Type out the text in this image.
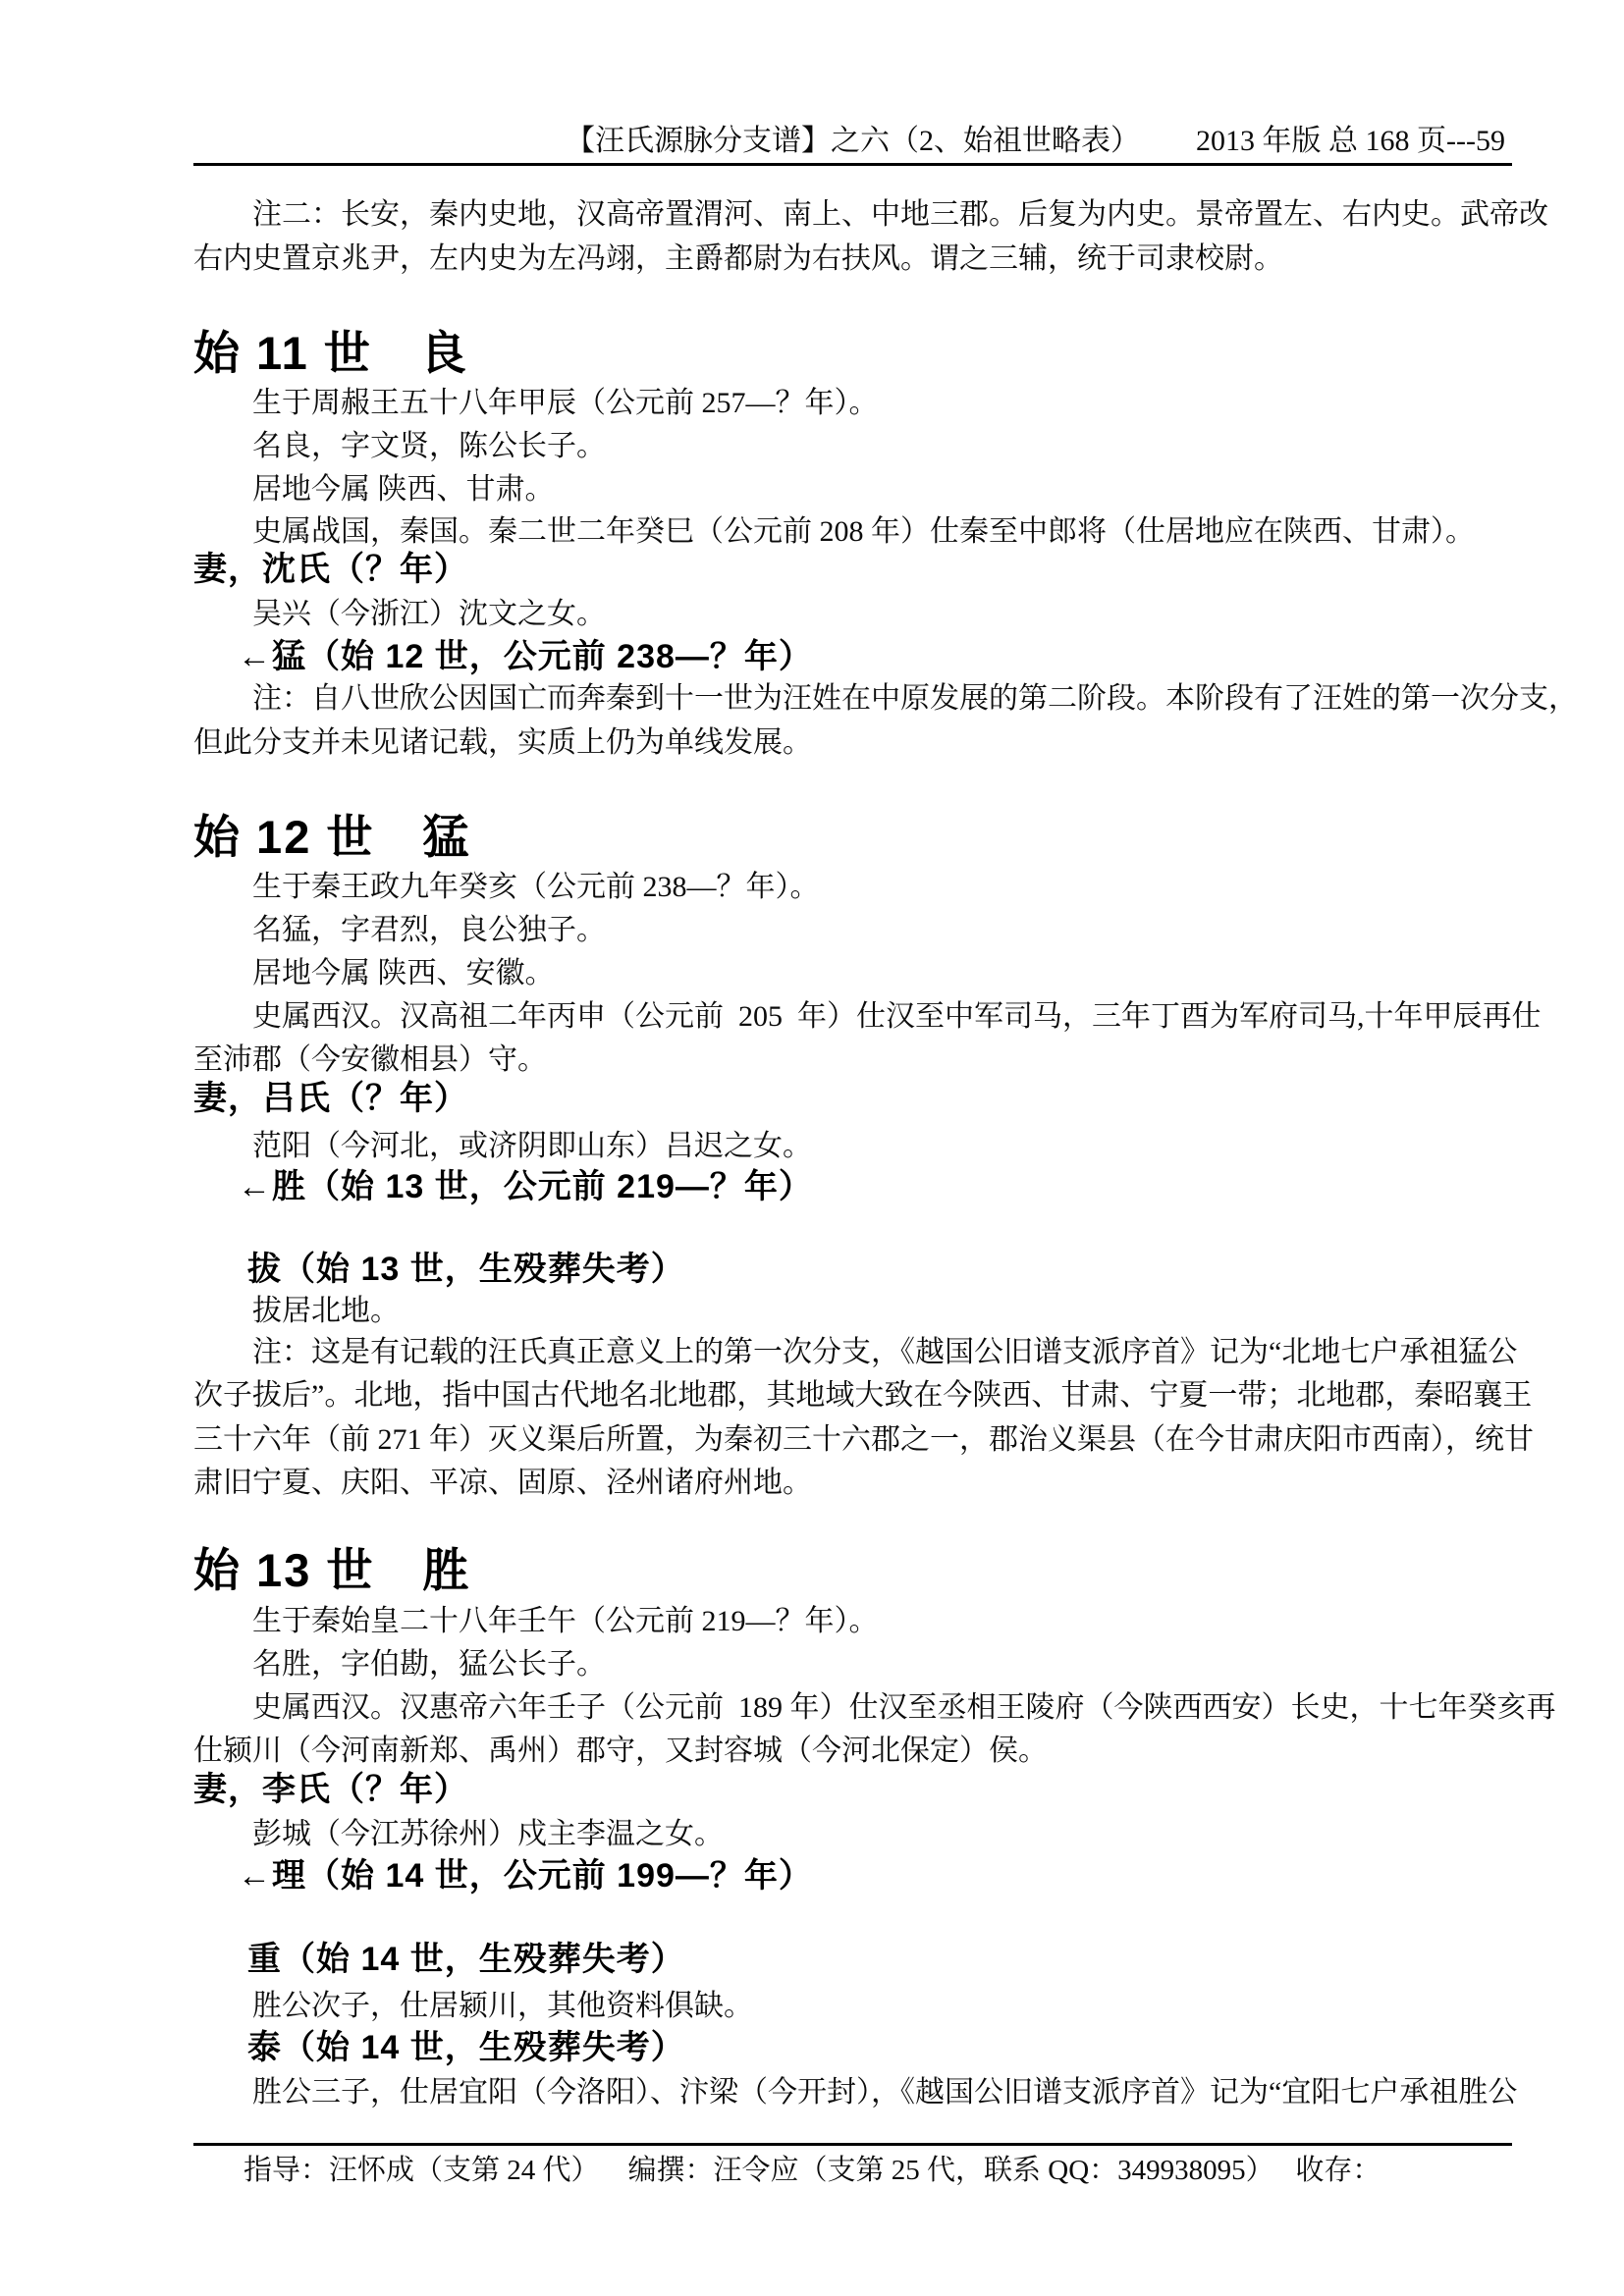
【汪氏源脉分支谱】之六（2、始祖世略表）	2013 年版 总 168 页---59
注二：长安，秦内史地，汉高帝置渭河、南上、中地三郡。后复为内史。景帝置左、右内史。武帝改
右内史置京兆尹，左内史为左冯翊，主爵都尉为右扶风。谓之三辅，统于司隶校尉。
始 11 世　良
生于周赧王五十八年甲辰（公元前 257—？年）。
名良，字文贤，陈公长子。
居地今属 陕西、甘肃。
史属战国，秦国。秦二世二年癸巳（公元前 208 年）仕秦至中郎将（仕居地应在陕西、甘肃）。
妻，沈氏（？年）
吴兴（今浙江）沈文之女。
←猛（始 12 世，公元前 238—？年）
注：自八世欣公因国亡而奔秦到十一世为汪姓在中原发展的第二阶段。本阶段有了汪姓的第一次分支，
但此分支并未见诸记载，实质上仍为单线发展。
始 12 世　猛
生于秦王政九年癸亥（公元前 238—？年）。
名猛，字君烈，良公独子。
居地今属 陕西、安徽。
史属西汉。汉高祖二年丙申（公元前  205  年）仕汉至中军司马，三年丁酉为军府司马,十年甲辰再仕
至沛郡（今安徽相县）守。
妻，吕氏（？年）
范阳（今河北，或济阴即山东）吕迟之女。
←胜（始 13 世，公元前 219—？年）
拔（始 13 世，生殁葬失考）
拔居北地。
注：这是有记载的汪氏真正意义上的第一次分支，《越国公旧谱支派序首》记为“北地七户承祖猛公
次子拔后”。北地，指中国古代地名北地郡，其地域大致在今陕西、甘肃、宁夏一带；北地郡，秦昭襄王
三十六年（前 271 年）灭义渠后所置，为秦初三十六郡之一，郡治义渠县（在今甘肃庆阳市西南），统甘
肃旧宁夏、庆阳、平凉、固原、泾州诸府州地。
始 13 世　胜
生于秦始皇二十八年壬午（公元前 219—？年）。
名胜，字伯勘，猛公长子。
史属西汉。汉惠帝六年壬子（公元前  189 年）仕汉至丞相王陵府（今陕西西安）长史，十七年癸亥再
仕颍川（今河南新郑、禹州）郡守，又封容城（今河北保定）侯。
妻，李氏（？年）
彭城（今江苏徐州）戍主李温之女。
←理（始 14 世，公元前 199—？年）
重（始 14 世，生殁葬失考）
胜公次子，仕居颍川，其他资料俱缺。
泰（始 14 世，生殁葬失考）
胜公三子，仕居宜阳（今洛阳）、汴梁（今开封），《越国公旧谱支派序首》记为“宜阳七户承祖胜公
指导：汪怀成（支第 24 代）    编撰：汪令应（支第 25 代，联系 QQ：349938095）   收存：
